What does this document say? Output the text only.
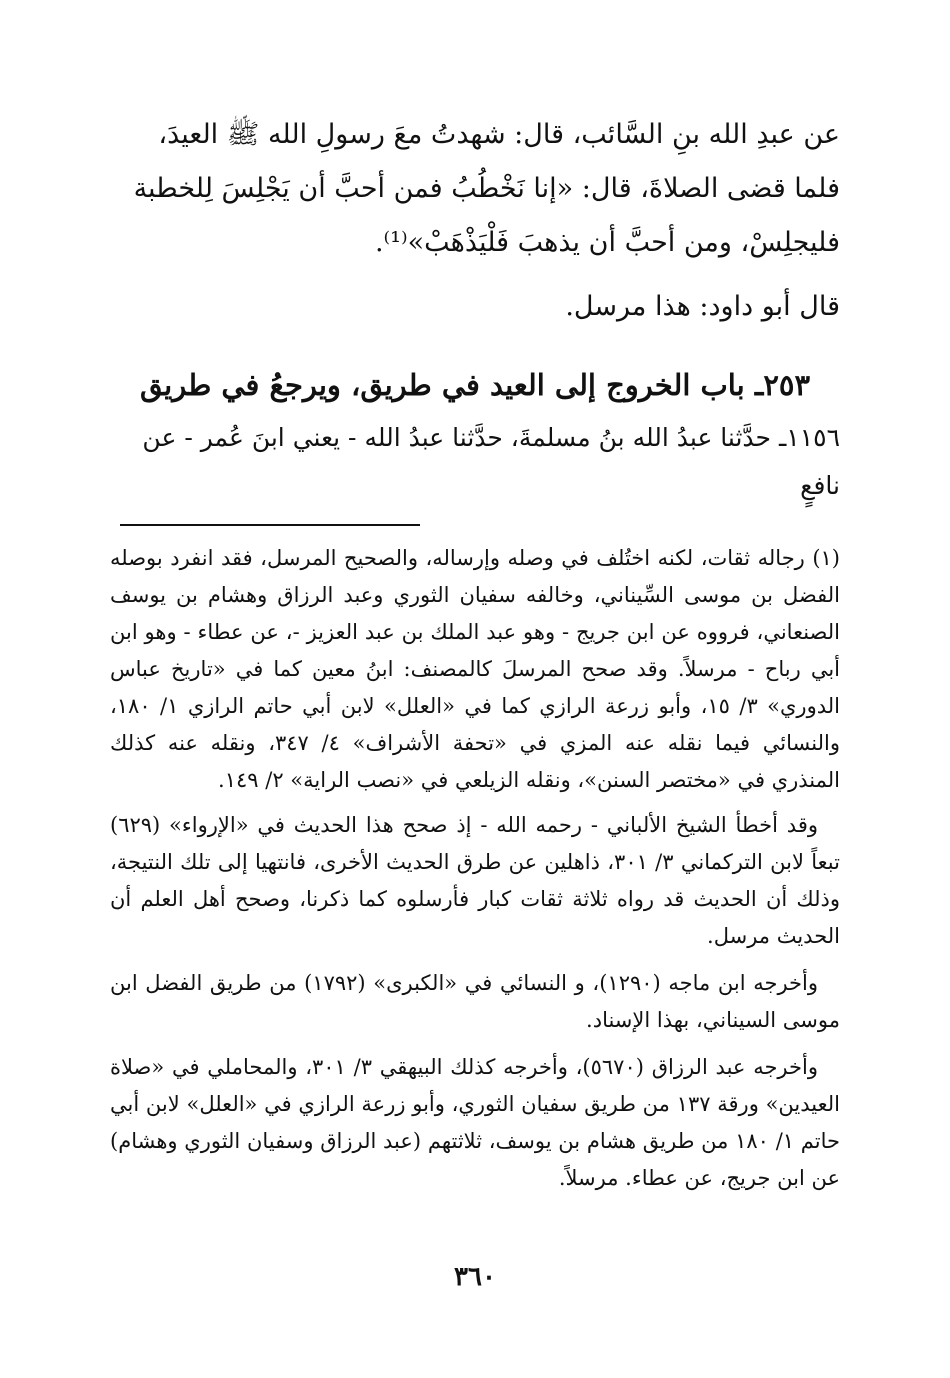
عن عبدِ الله بنِ السَّائب، قال: شهدتُ معَ رسولِ الله ﷺ العيدَ،
فلما قضى الصلاةَ، قال: «إنا نَخْطُبُ فمن أحبَّ أن يَجْلِسَ لِلخطبة
فليجلِسْ، ومن أحبَّ أن يذهبَ فَلْيَذْهَبْ»⁽¹⁾.

قال أبو داود: هذا مرسل.

٢٥٣ـ باب الخروج إلى العيد في طريق، ويرجعُ في طريق

١١٥٦ـ حدَّثنا عبدُ الله بنُ مسلمةَ، حدَّثنا عبدُ الله - يعني ابنَ عُمر - عن نافعٍ

(١) رجاله ثقات، لكنه اختُلف في وصله وإرساله، والصحيح المرسل، فقد انفرد بوصله الفضل بن موسى السِّيناني، وخالفه سفيان الثوري وعبد الرزاق وهشام بن يوسف الصنعاني، فرووه عن ابن جريج - وهو عبد الملك بن عبد العزيز -، عن عطاء - وهو ابن أبي رباح - مرسلاً. وقد صحح المرسلَ كالمصنف: ابنُ معين كما في «تاريخ عباس الدوري» ٣/ ١٥، وأبو زرعة الرازي كما في «العلل» لابن أبي حاتم الرازي ١/ ١٨٠، والنسائي فيما نقله عنه المزي في «تحفة الأشراف» ٤/ ٣٤٧، ونقله عنه كذلك المنذري في «مختصر السنن»، ونقله الزيلعي في «نصب الراية» ٢/ ١٤٩.

وقد أخطأ الشيخ الألباني - رحمه الله - إذ صحح هذا الحديث في «الإرواء» (٦٢٩) تبعاً لابن التركماني ٣/ ٣٠١، ذاهلين عن طرق الحديث الأخرى، فانتهيا إلى تلك النتيجة، وذلك أن الحديث قد رواه ثلاثة ثقات كبار فأرسلوه كما ذكرنا، وصحح أهل العلم أن الحديث مرسل.

وأخرجه ابن ماجه (١٢٩٠)، و النسائي في «الكبرى» (١٧٩٢) من طريق الفضل ابن موسى السيناني، بهذا الإسناد.

وأخرجه عبد الرزاق (٥٦٧٠)، وأخرجه كذلك البيهقي ٣/ ٣٠١، والمحاملي في «صلاة العيدين» ورقة ١٣٧ من طريق سفيان الثوري، وأبو زرعة الرازي في «العلل» لابن أبي حاتم ١/ ١٨٠ من طريق هشام بن يوسف، ثلاثتهم (عبد الرزاق وسفيان الثوري وهشام) عن ابن جريج، عن عطاء. مرسلاً.

٣٦٠
